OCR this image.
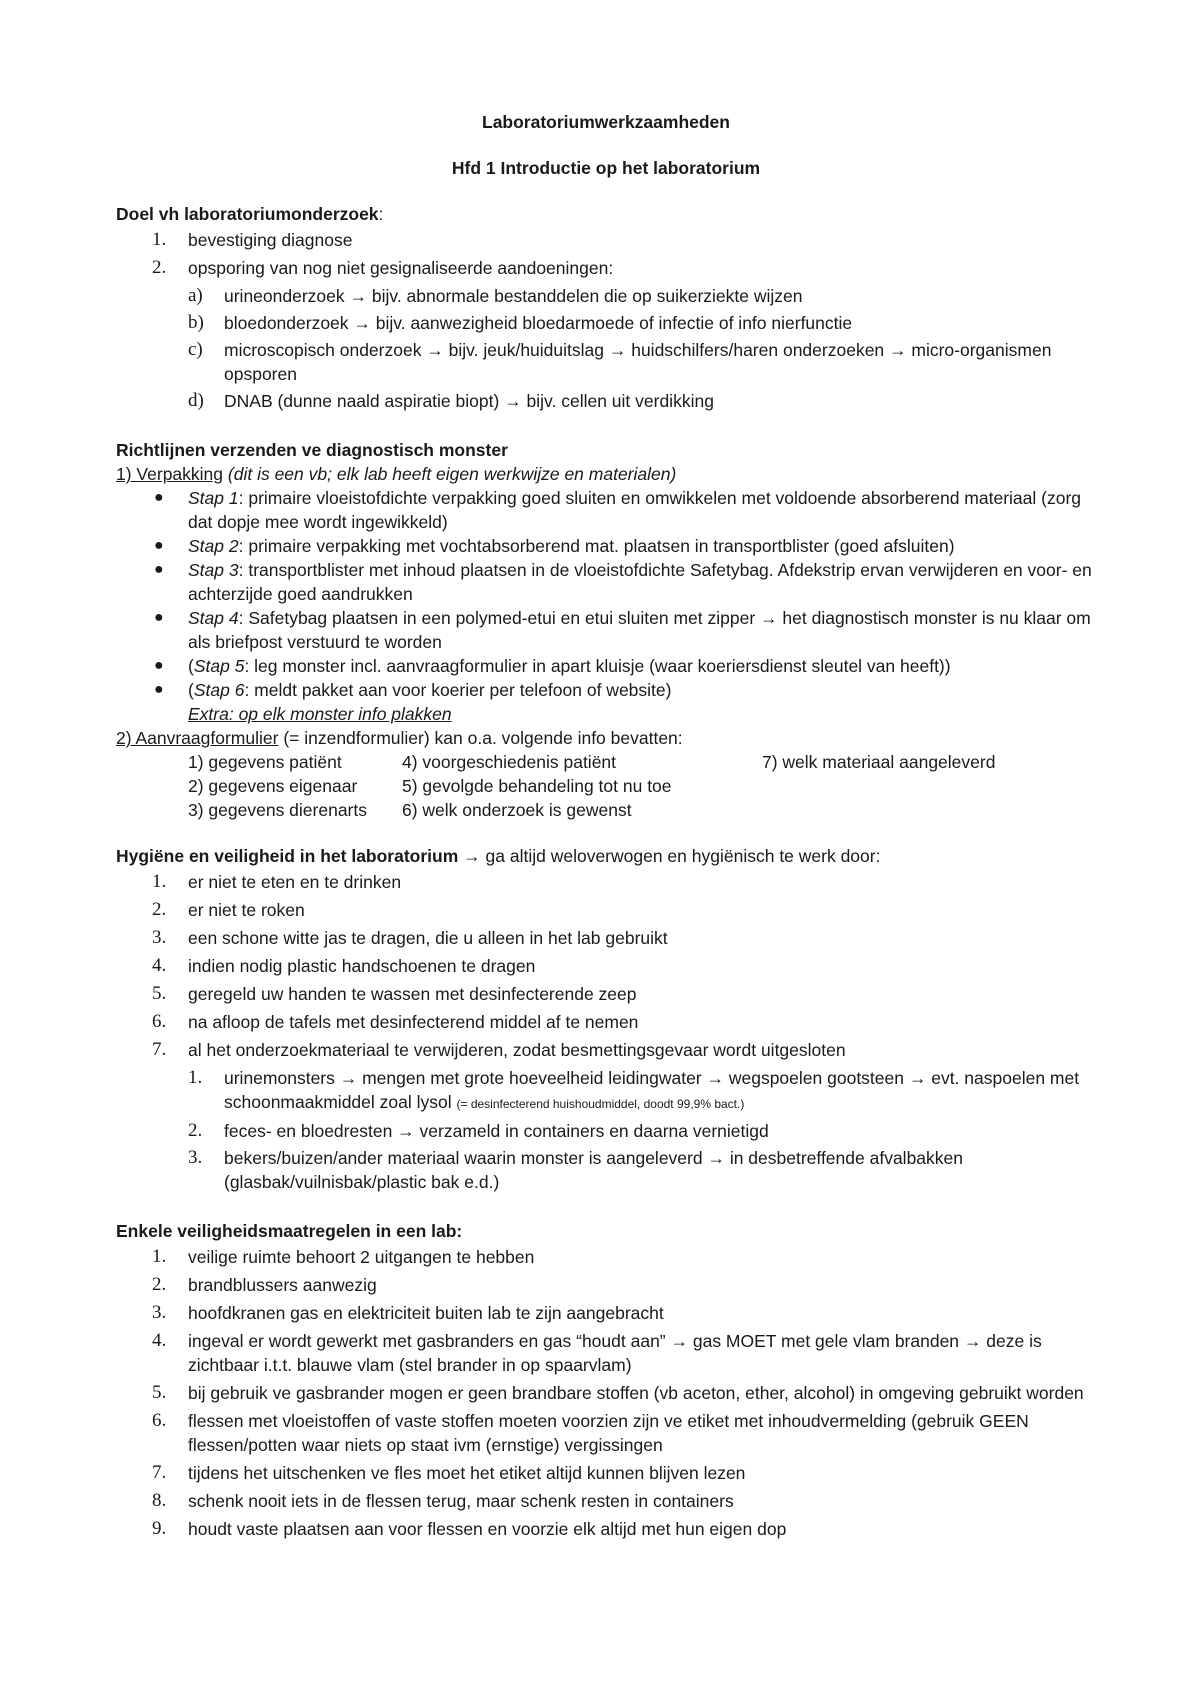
Laboratoriumwerkzaamheden
Hfd 1 Introductie op het laboratorium
Doel vh laboratoriumonderzoek:
1.	bevestiging diagnose
2.	opsporing van nog niet gesignaliseerde aandoeningen:
a) urineonderzoek → bijv. abnormale bestanddelen die op suikerziekte wijzen
b) bloedonderzoek → bijv. aanwezigheid bloedarmoede of infectie of info nierfunctie
c) microscopisch onderzoek → bijv. jeuk/huiduitslag → huidschilfers/haren onderzoeken → micro-organismen opsporen
d) DNAB (dunne naald aspiratie biopt) → bijv. cellen uit verdikking
Richtlijnen verzenden ve diagnostisch monster
1) Verpakking (dit is een vb; elk lab heeft eigen werkwijze en materialen)
● Stap 1: primaire vloeistofdichte verpakking goed sluiten en omwikkelen met voldoende absorberend materiaal (zorg dat dopje mee wordt ingewikkeld)
● Stap 2: primaire verpakking met vochtabsorberend mat. plaatsen in transportblister (goed afsluiten)
● Stap 3: transportblister met inhoud plaatsen in de vloeistofdichte Safetybag. Afdekstrip ervan verwijderen en voor- en achterzijde goed aandrukken
● Stap 4: Safetybag plaatsen in een polymed-etui en etui sluiten met zipper → het diagnostisch monster is nu klaar om als briefpost verstuurd te worden
● (Stap 5: leg monster incl. aanvraagformulier in apart kluisje (waar koeriersdienst sleutel van heeft))
● (Stap 6: meldt pakket aan voor koerier per telefoon of website)
Extra: op elk monster info plakken
2) Aanvraagformulier (= inzendformulier) kan o.a. volgende info bevatten:
1) gegevens patiënt	4) voorgeschiedenis patiënt	7) welk materiaal aangeleverd
2) gegevens eigenaar	5) gevolgde behandeling tot nu toe
3) gegevens dierenarts	6) welk onderzoek is gewenst
Hygiëne en veiligheid in het laboratorium → ga altijd weloverwogen en hygiënisch te werk door:
1.	er niet te eten en te drinken
2.	er niet te roken
3.	een schone witte jas te dragen, die u alleen in het lab gebruikt
4.	indien nodig plastic handschoenen te dragen
5.	geregeld uw handen te wassen met desinfecterende zeep
6.	na afloop de tafels met desinfecterend middel af te nemen
7.	al het onderzoekmateriaal te verwijderen, zodat besmettingsgevaar wordt uitgesloten
1. urinemonsters → mengen met grote hoeveelheid leidingwater → wegspoelen gootsteen → evt. naspoelen met schoonmaakmiddel zoal lysol (= desinfecterend huishoudmiddel, doodt 99,9% bact.)
2. feces- en bloedresten → verzameld in containers en daarna vernietigd
3. bekers/buizen/ander materiaal waarin monster is aangeleverd → in desbetreffende afvalbakken (glasbak/vuilnisbak/plastic bak e.d.)
Enkele veiligheidsmaatregelen in een lab:
1.	veilige ruimte behoort 2 uitgangen te hebben
2.	brandblussers aanwezig
3.	hoofdkranen gas en elektriciteit buiten lab te zijn aangebracht
4.	ingeval er wordt gewerkt met gasbranders en gas “houdt aan” → gas MOET met gele vlam branden → deze is zichtbaar i.t.t. blauwe vlam (stel brander in op spaarvlam)
5.	bij gebruik ve gasbrander mogen er geen brandbare stoffen (vb aceton, ether, alcohol) in omgeving gebruikt worden
6.	flessen met vloeistoffen of vaste stoffen moeten voorzien zijn ve etiket met inhoudvermelding (gebruik GEEN flessen/potten waar niets op staat ivm (ernstige) vergissingen
7.	tijdens het uitschenken ve fles moet het etiket altijd kunnen blijven lezen
8.	schenk nooit iets in de flessen terug, maar schenk resten in containers
9.	houdt vaste plaatsen aan voor flessen en voorzie elk altijd met hun eigen dop
